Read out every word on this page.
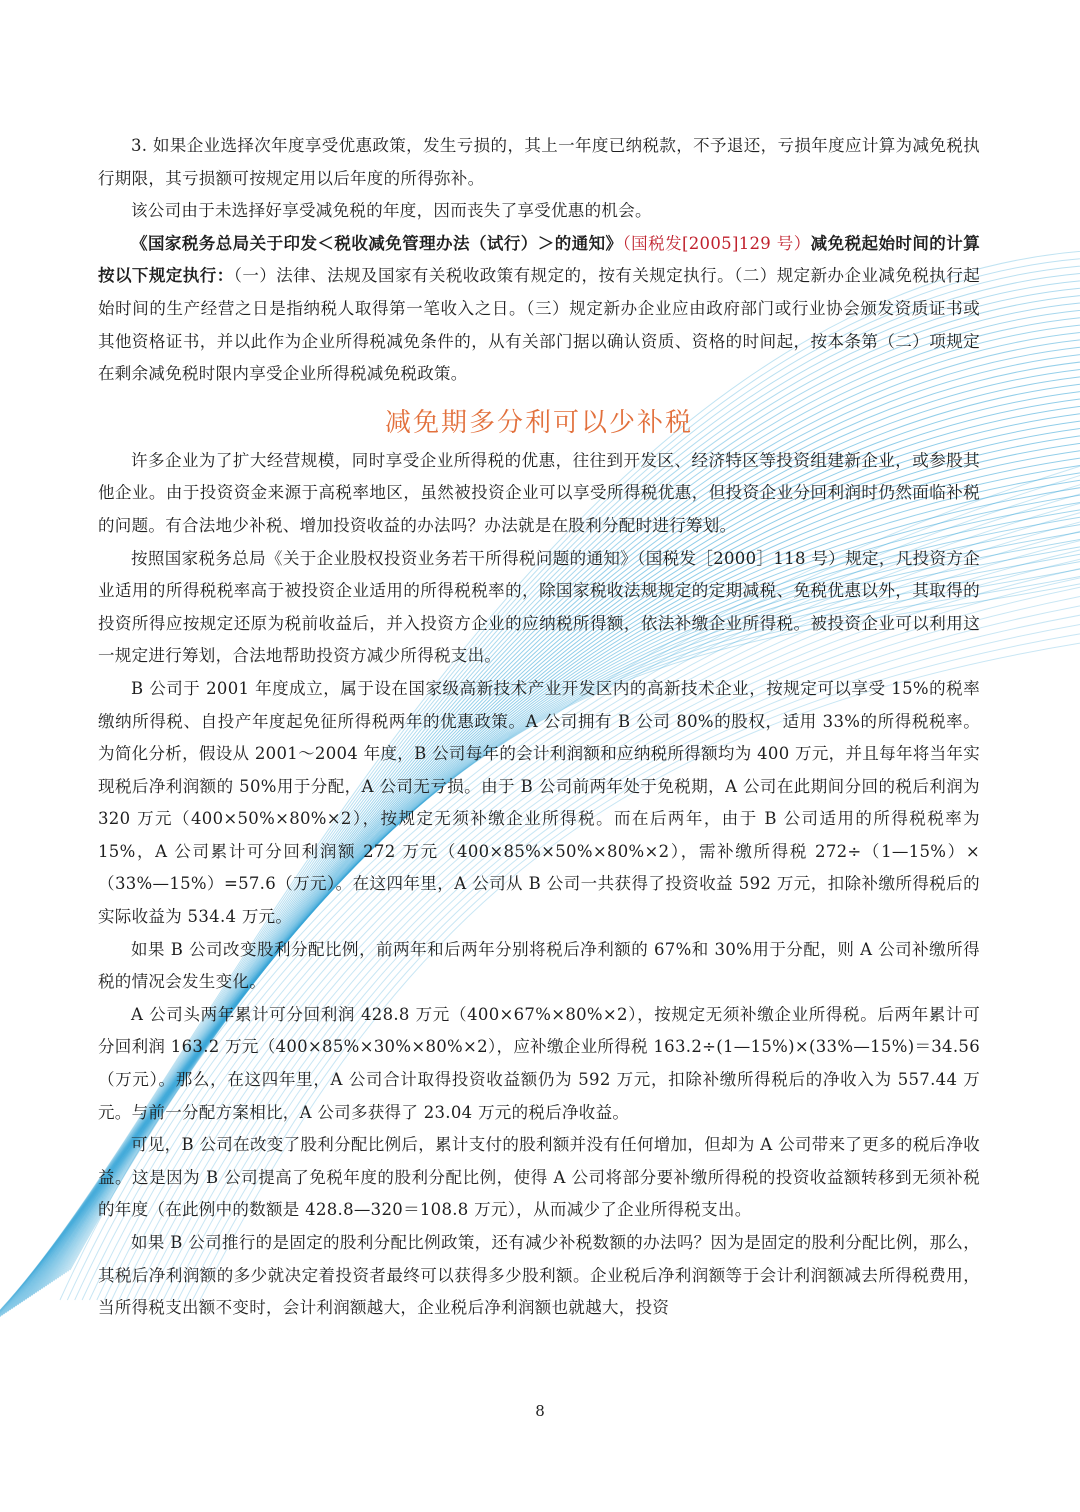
3. 如果企业选择次年度享受优惠政策，发生亏损的，其上一年度已纳税款，不予退还，亏损年度应计算为减免税执行期限，其亏损额可按规定用以后年度的所得弥补。

该公司由于未选择好享受减免税的年度，因而丧失了享受优惠的机会。

《国家税务总局关于印发＜税收减免管理办法（试行）＞的通知》（国税发[2005]129 号）减免税起始时间的计算按以下规定执行：（一）法律、法规及国家有关税收政策有规定的，按有关规定执行。（二）规定新办企业减免税执行起始时间的生产经营之日是指纳税人取得第一笔收入之日。（三）规定新办企业应由政府部门或行业协会颁发资质证书或其他资格证书，并以此作为企业所得税减免条件的，从有关部门据以确认资质、资格的时间起，按本条第（二）项规定在剩余减免税时限内享受企业所得税减免税政策。

减免期多分利可以少补税

许多企业为了扩大经营规模，同时享受企业所得税的优惠，往往到开发区、经济特区等投资组建新企业，或参股其他企业。由于投资资金来源于高税率地区，虽然被投资企业可以享受所得税优惠，但投资企业分回利润时仍然面临补税的问题。有合法地少补税、增加投资收益的办法吗？办法就是在股利分配时进行筹划。

按照国家税务总局《关于企业股权投资业务若干所得税问题的通知》（国税发［2000］118 号）规定，凡投资方企业适用的所得税税率高于被投资企业适用的所得税税率的，除国家税收法规规定的定期减税、免税优惠以外，其取得的投资所得应按规定还原为税前收益后，并入投资方企业的应纳税所得额，依法补缴企业所得税。被投资企业可以利用这一规定进行筹划，合法地帮助投资方减少所得税支出。

B 公司于 2001 年度成立，属于设在国家级高新技术产业开发区内的高新技术企业，按规定可以享受 15%的税率缴纳所得税、自投产年度起免征所得税两年的优惠政策。A 公司拥有 B 公司 80%的股权，适用 33%的所得税税率。为简化分析，假设从 2001～2004 年度，B 公司每年的会计利润额和应纳税所得额均为 400 万元，并且每年将当年实现税后净利润额的 50%用于分配，A 公司无亏损。由于 B 公司前两年处于免税期，A 公司在此期间分回的税后利润为 320 万元（400×50%×80%×2），按规定无须补缴企业所得税。而在后两年，由于 B 公司适用的所得税税率为 15%，A 公司累计可分回利润额 272 万元（400×85%×50%×80%×2），需补缴所得税 272÷（1—15%）×（33%—15%）=57.6（万元）。在这四年里，A 公司从 B 公司一共获得了投资收益 592 万元，扣除补缴所得税后的实际收益为 534.4 万元。

如果 B 公司改变股利分配比例，前两年和后两年分别将税后净利额的 67%和 30%用于分配，则 A 公司补缴所得税的情况会发生变化。

A 公司头两年累计可分回利润 428.8 万元（400×67%×80%×2），按规定无须补缴企业所得税。后两年累计可分回利润 163.2 万元（400×85%×30%×80%×2），应补缴企业所得税 163.2÷(1—15%)×(33%—15%)＝34.56（万元）。那么，在这四年里，A 公司合计取得投资收益额仍为 592 万元，扣除补缴所得税后的净收入为 557.44 万元。与前一分配方案相比，A 公司多获得了 23.04 万元的税后净收益。

可见，B 公司在改变了股利分配比例后，累计支付的股利额并没有任何增加，但却为 A 公司带来了更多的税后净收益。这是因为 B 公司提高了免税年度的股利分配比例，使得 A 公司将部分要补缴所得税的投资收益额转移到无须补税的年度（在此例中的数额是 428.8—320＝108.8 万元），从而减少了企业所得税支出。

如果 B 公司推行的是固定的股利分配比例政策，还有减少补税数额的办法吗？因为是固定的股利分配比例，那么，其税后净利润额的多少就决定着投资者最终可以获得多少股利额。企业税后净利润额等于会计利润额减去所得税费用，当所得税支出额不变时，会计利润额越大，企业税后净利润额也就越大，投资

8
